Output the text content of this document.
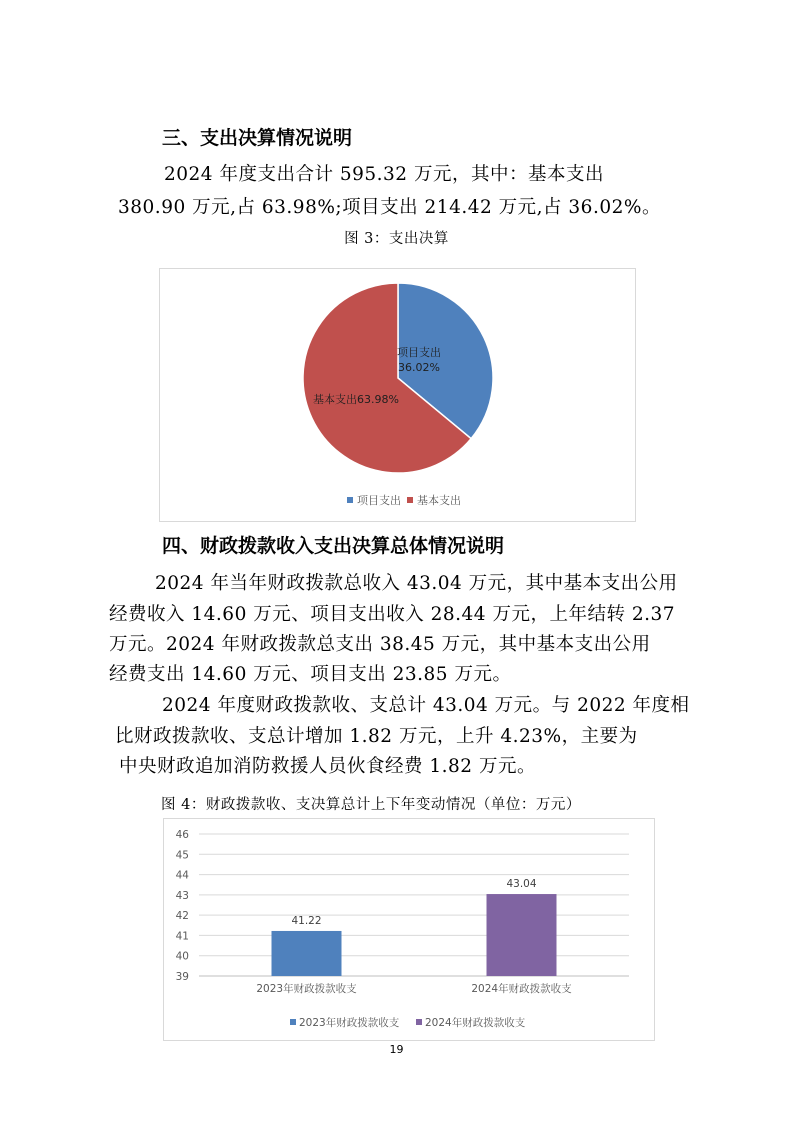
三、支出决算情况说明
2024 年度支出合计 595.32 万元，其中：基本支出
380.90 万元,占 63.98%;项目支出 214.42 万元,占 36.02%。
图 3：支出决算
项目支出
36.02%
基本支出63.98%
项目支出 基本支出
四、财政拨款收入支出决算总体情况说明
2024 年当年财政拨款总收入 43.04 万元，其中基本支出公用
经费收入 14.60 万元、项目支出收入 28.44 万元，上年结转 2.37
万元。2024 年财政拨款总支出 38.45 万元，其中基本支出公用
经费支出 14.60 万元、项目支出 23.85 万元。
2024 年度财政拨款收、支总计 43.04 万元。与 2022 年度相
比财政拨款收、支总计增加 1.82 万元，上升 4.23%，主要为
中央财政追加消防救援人员伙食经费 1.82 万元。
图 4：财政拨款收、支决算总计上下年变动情况（单位：万元）
39
40
41
42
43
44
45
46
41.22
43.04
2023年财政拨款收支	2024年财政拨款收支
2023年财政拨款收支 2024年财政拨款收支
19
